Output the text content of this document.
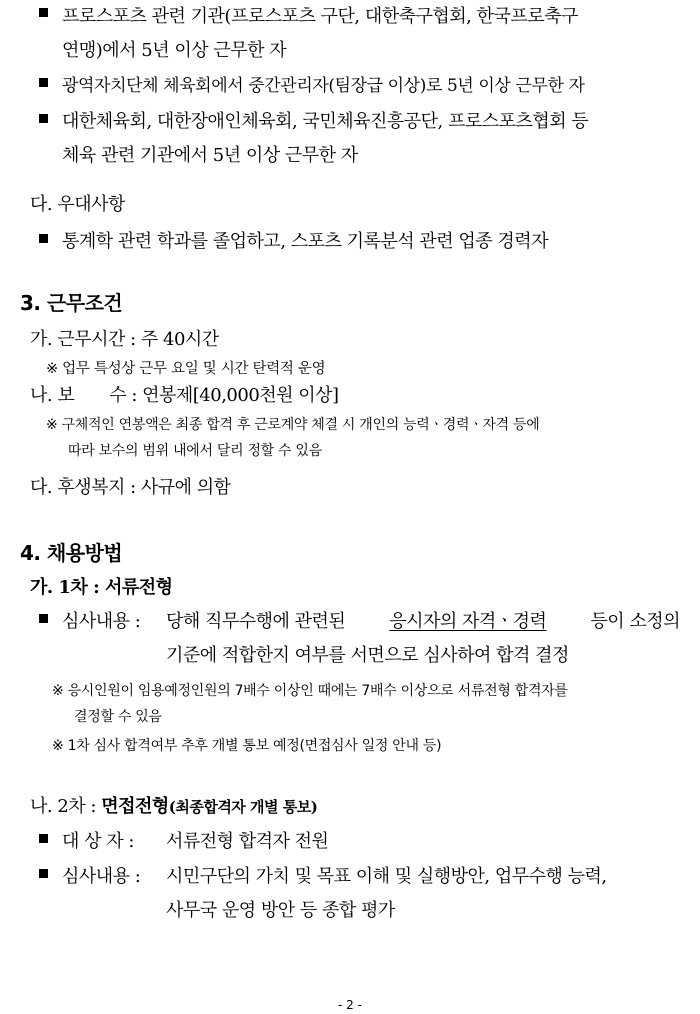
프로스포츠 관련 기관(프로스포츠 구단, 대한축구협회, 한국프로축구
연맹)에서 5년 이상 근무한 자
광역자치단체 체육회에서 중간관리자(팀장급 이상)로 5년 이상 근무한 자
대한체육회, 대한장애인체육회, 국민체육진흥공단, 프로스포츠협회 등
체육 관련 기관에서 5년 이상 근무한 자
다. 우대사항
통계학 관련 학과를 졸업하고, 스포츠 기록분석 관련 업종 경력자
3. 근무조건
가. 근무시간 : 주 40시간
※ 업무 특성상 근무 요일 및 시간 탄력적 운영
나. 보　　수 : 연봉제[40,000천원 이상]
※ 구체적인 연봉액은 최종 합격 후 근로계약 체결 시 개인의 능력ㆍ경력ㆍ자격 등에
따라 보수의 범위 내에서 달리 정할 수 있음
다. 후생복지 : 사규에 의함
4. 채용방법
가. 1차 : 서류전형
심사내용 : 당해 직무수행에 관련된 응시자의 자격ㆍ경력 등이 소정의
기준에 적합한지 여부를 서면으로 심사하여 합격 결정
※ 응시인원이 임용예정인원의 7배수 이상인 때에는 7배수 이상으로 서류전형 합격자를
결정할 수 있음
※ 1차 심사 합격여부 추후 개별 통보 예정(면접심사 일정 안내 등)
나. 2차 : 면접전형(최종합격자 개별 통보)
대 상 자 : 서류전형 합격자 전원
심사내용 : 시민구단의 가치 및 목표 이해 및 실행방안, 업무수행 능력,
사무국 운영 방안 등 종합 평가
- 2 -
